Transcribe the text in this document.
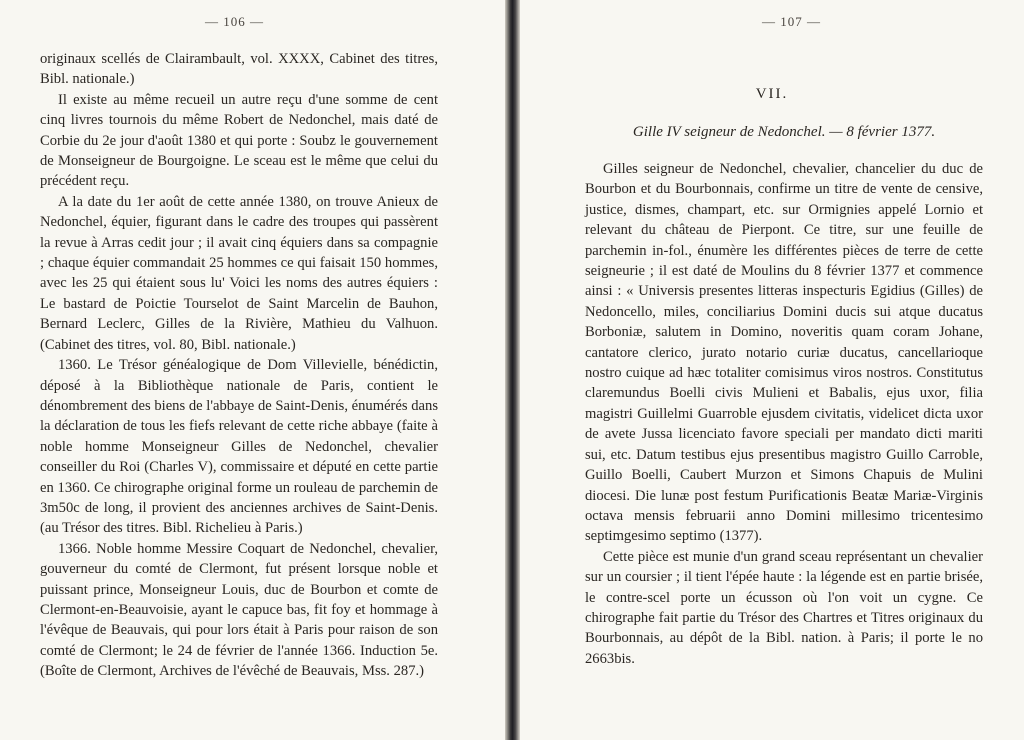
— 106 —

originaux scellés de Clairambault, vol. XXXX, Cabinet des titres, Bibl. nationale.)

Il existe au même recueil un autre reçu d'une somme de cent cinq livres tournois du même Robert de Nedonchel, mais daté de Corbie du 2e jour d'août 1380 et qui porte : Soubz le gouvernement de Monseigneur de Bourgoigne. Le sceau est le même que celui du précédent reçu.

A la date du 1er août de cette année 1380, on trouve Anieux de Nedonchel, équier, figurant dans le cadre des troupes qui passèrent la revue à Arras cedit jour ; il avait cinq équiers dans sa compagnie ; chaque équier commandait 25 hommes ce qui faisait 150 hommes, avec les 25 qui étaient sous lu' Voici les noms des autres équiers : Le bastard de Poictie Tourselot de Saint Marcelin de Bauhon, Bernard Leclerc, Gilles de la Rivière, Mathieu du Valhuon. (Cabinet des titres, vol. 80, Bibl. nationale.)

1360. Le Trésor généalogique de Dom Villevielle, bénédictin, déposé à la Bibliothèque nationale de Paris, contient le dénombrement des biens de l'abbaye de Saint-Denis, énumérés dans la déclaration de tous les fiefs relevant de cette riche abbaye (faite à noble homme Monseigneur Gilles de Nedonchel, chevalier conseiller du Roi (Charles V), commissaire et député en cette partie en 1360. Ce chirographe original forme un rouleau de parchemin de 3m50c de long, il provient des anciennes archives de Saint-Denis. (au Trésor des titres. Bibl. Richelieu à Paris.)

1366. Noble homme Messire Coquart de Nedonchel, chevalier, gouverneur du comté de Clermont, fut présent lorsque noble et puissant prince, Monseigneur Louis, duc de Bourbon et comte de Clermont-en-Beauvoisie, ayant le capuce bas, fit foy et hommage à l'évêque de Beauvais, qui pour lors était à Paris pour raison de son comté de Clermont; le 24 de février de l'année 1366. Induction 5e. (Boîte de Clermont, Archives de l'évêché de Beauvais, Mss. 287.)

— 107 —
VII.
Gille IV seigneur de Nedonchel. — 8 février 1377.

Gilles seigneur de Nedonchel, chevalier, chancelier du duc de Bourbon et du Bourbonnais, confirme un titre de vente de censive, justice, dismes, champart, etc. sur Ormignies appelé Lornio et relevant du château de Pierpont. Ce titre, sur une feuille de parchemin in-fol., énumère les différentes pièces de terre de cette seigneurie ; il est daté de Moulins du 8 février 1377 et commence ainsi : « Universis presentes litteras inspecturis Egidius (Gilles) de Nedoncello, miles, conciliarius Domini ducis sui atque ducatus Borboniæ, salutem in Domino, noveritis quam coram Johane, cantatore clerico, jurato notario curiæ ducatus, cancellarioque nostro cuique ad hæc totaliter comisimus viros nostros. Constitutus claremundus Boelli civis Mulieni et Babalis, ejus uxor, filia magistri Guillelmi Guarroble ejusdem civitatis, videlicet dicta uxor de avete Jussa licenciato favore speciali per mandato dicti mariti sui, etc. Datum testibus ejus presentibus magistro Guillo Carroble, Guillo Boelli, Caubert Murzon et Simons Chapuis de Mulini diocesi. Die lunæ post festum Purificationis Beatæ Mariæ-Virginis octava mensis februarii anno Domini millesimo tricentesimo septimgesimo septimo (1377).

Cette pièce est munie d'un grand sceau représentant un chevalier sur un coursier ; il tient l'épée haute : la légende est en partie brisée, le contre-scel porte un écusson où l'on voit un cygne. Ce chirographe fait partie du Trésor des Chartres et Titres originaux du Bourbonnais, au dépôt de la Bibl. nation. à Paris; il porte le no 2663bis.
